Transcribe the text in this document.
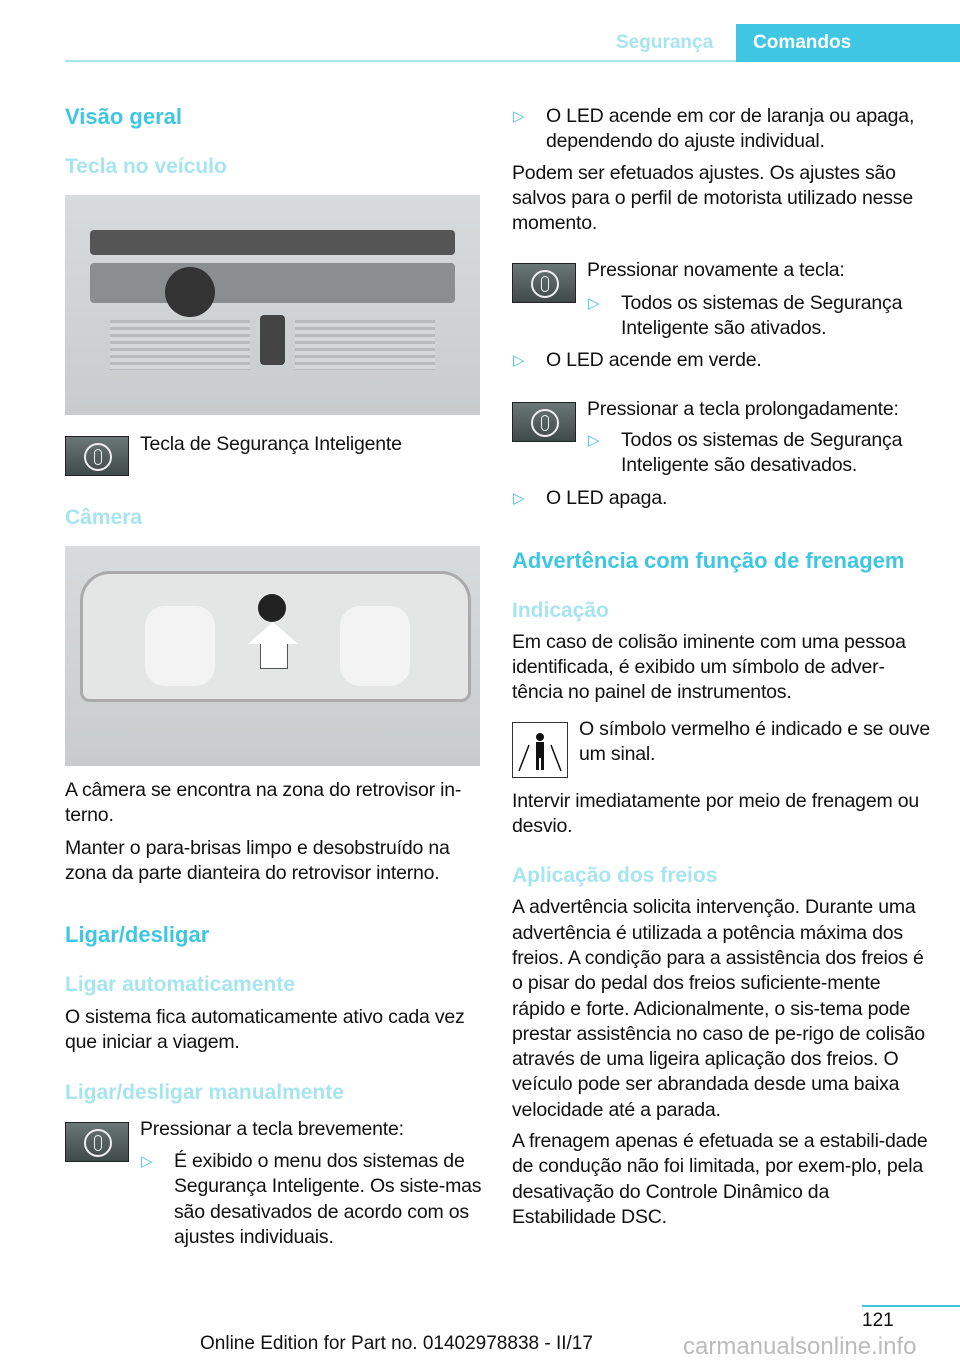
Segurança Comandos
Visão geral
Tecla no veículo
Tecla de Segurança Inteligente
Câmera
A câmera se encontra na zona do retrovisor in‐terno.
Manter o para-brisas limpo e desobstruído na zona da parte dianteira do retrovisor interno.
Ligar/desligar
Ligar automaticamente
O sistema fica automaticamente ativo cada vez que iniciar a viagem.
Ligar/desligar manualmente
Pressionar a tecla brevemente:
▷ É exibido o menu dos sistemas de Segurança Inteligente. Os siste‐mas são desativados de acordo com os ajustes individuais.
▷ O LED acende em cor de laranja ou apaga, dependendo do ajuste individual.
Podem ser efetuados ajustes. Os ajustes são salvos para o perfil de motorista utilizado nesse momento.
Pressionar novamente a tecla:
▷ Todos os sistemas de Segurança Inteligente são ativados.
▷ O LED acende em verde.
Pressionar a tecla prolongadamente:
▷ Todos os sistemas de Segurança Inteligente são desativados.
▷ O LED apaga.
Advertência com função de frenagem
Indicação
Em caso de colisão iminente com uma pessoa identificada, é exibido um símbolo de adver‐tência no painel de instrumentos.
O símbolo vermelho é indicado e se ouve um sinal.
Intervir imediatamente por meio de frenagem ou desvio.
Aplicação dos freios
A advertência solicita intervenção. Durante uma advertência é utilizada a potência máxima dos freios. A condição para a assistência dos freios é o pisar do pedal dos freios suficiente‐mente rápido e forte. Adicionalmente, o sis‐tema pode prestar assistência no caso de pe‐rigo de colisão através de uma ligeira aplicação dos freios. O veículo pode ser abrandada desde uma baixa velocidade até a parada.
A frenagem apenas é efetuada se a estabili‐dade de condução não foi limitada, por exem‐plo, pela desativação do Controle Dinâmico da Estabilidade DSC.
121
Online Edition for Part no. 01402978838 - II/17	carmanualsonline.info
